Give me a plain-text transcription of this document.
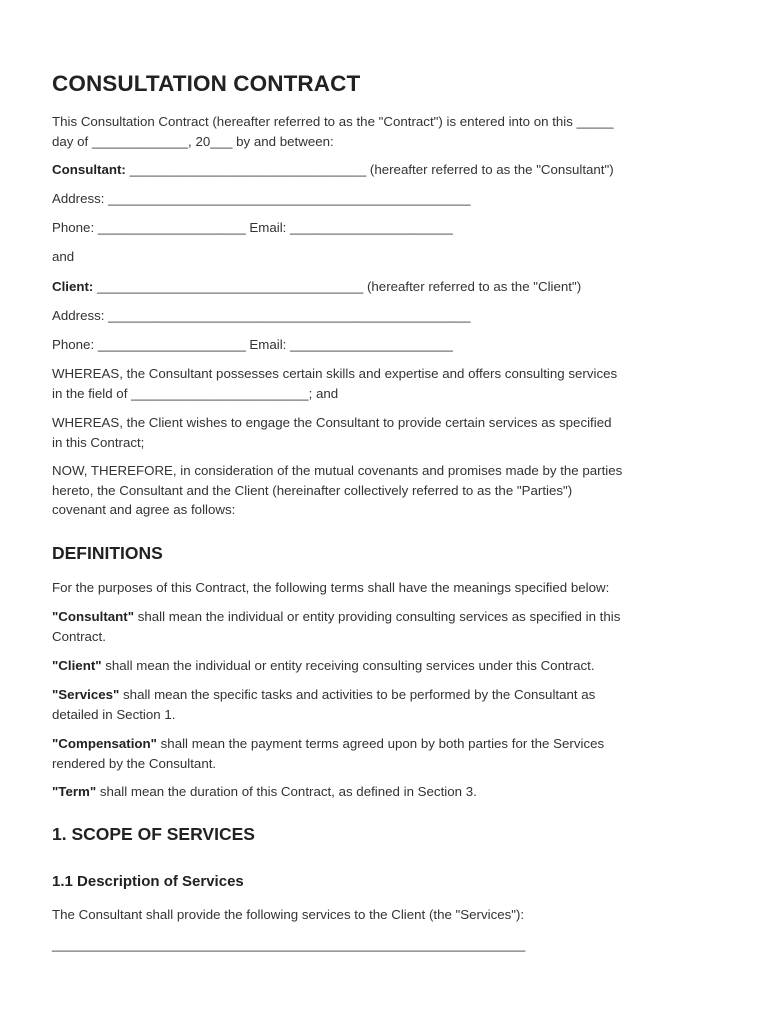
CONSULTATION CONTRACT

This Consultation Contract (hereafter referred to as the "Contract") is entered into on this _____
day of _____________, 20___ by and between:

Consultant: ________________________________ (hereafter referred to as the "Consultant")

Address: _________________________________________________

Phone: ____________________ Email: ______________________

and

Client: ____________________________________ (hereafter referred to as the "Client")

Address: _________________________________________________

Phone: ____________________ Email: ______________________

WHEREAS, the Consultant possesses certain skills and expertise and offers consulting services
in the field of ________________________; and

WHEREAS, the Client wishes to engage the Consultant to provide certain services as specified
in this Contract;

NOW, THEREFORE, in consideration of the mutual covenants and promises made by the parties
hereto, the Consultant and the Client (hereinafter collectively referred to as the "Parties")
covenant and agree as follows:

DEFINITIONS

For the purposes of this Contract, the following terms shall have the meanings specified below:

"Consultant" shall mean the individual or entity providing consulting services as specified in this
Contract.

"Client" shall mean the individual or entity receiving consulting services under this Contract.

"Services" shall mean the specific tasks and activities to be performed by the Consultant as
detailed in Section 1.

"Compensation" shall mean the payment terms agreed upon by both parties for the Services
rendered by the Consultant.

"Term" shall mean the duration of this Contract, as defined in Section 3.

1. SCOPE OF SERVICES
1.1 Description of Services

The Consultant shall provide the following services to the Client (the "Services"):

________________________________________________________________
